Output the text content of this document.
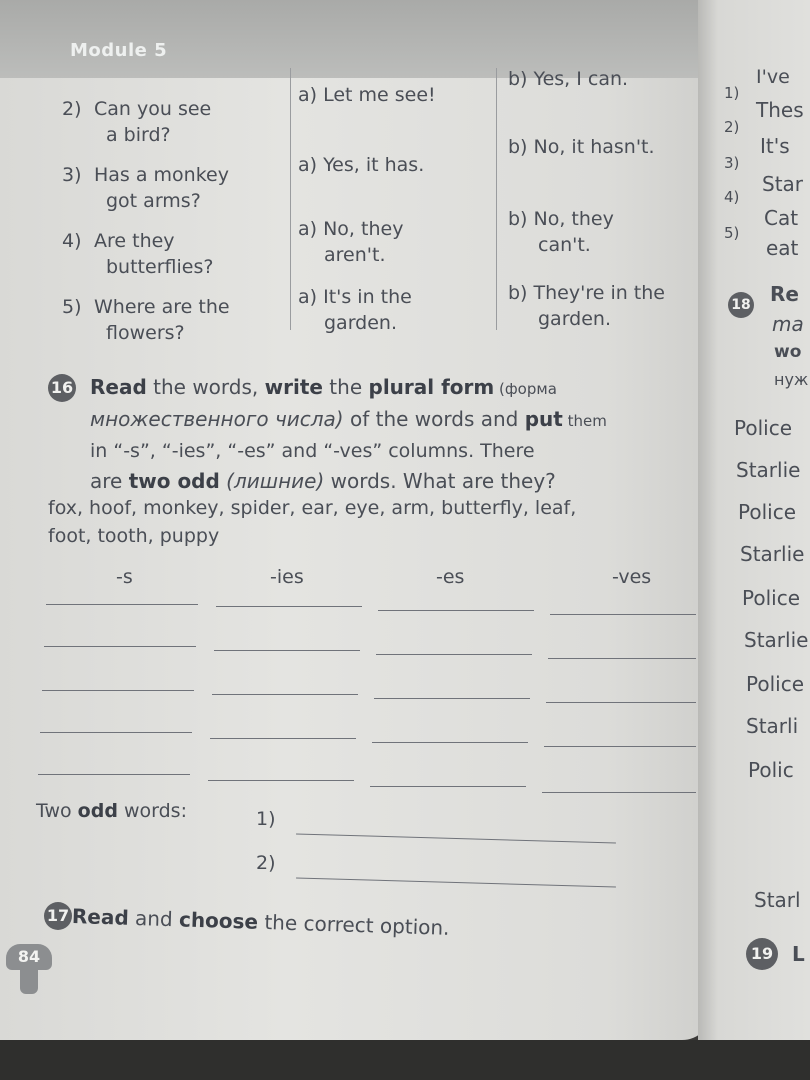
Module 5
2) Can you see
a bird?
a) Let me see!
b) Yes, I can.
3) Has a monkey
got arms?
a) Yes, it has.
b) No, it hasn't.
4) Are they
butterflies?
a) No, they
aren't.
b) No, they
can't.
5) Where are the
flowers?
a) It's in the
garden.
b) They're in the
garden.
16 Read the words, write the plural form (форма
множественного числа) of the words and put them
in “-s”, “-ies”, “-es” and “-ves” columns. There
are two odd (лишние) words. What are they?
fox, hoof, monkey, spider, ear, eye, arm, butterfly, leaf,
foot, tooth, puppy
-s	-ies	-es	-ves
Two odd words:	1)
2)
17 Read and choose the correct option.
84
1)
I've
2)
Thes
3)
It's
4)
Star
5)
Cat
eat
18 Re
ma
wo
нуж
Police
Starlie
Police
Starlie
Police
Starlie
Police
Starli
Polic
Starl
19 L
